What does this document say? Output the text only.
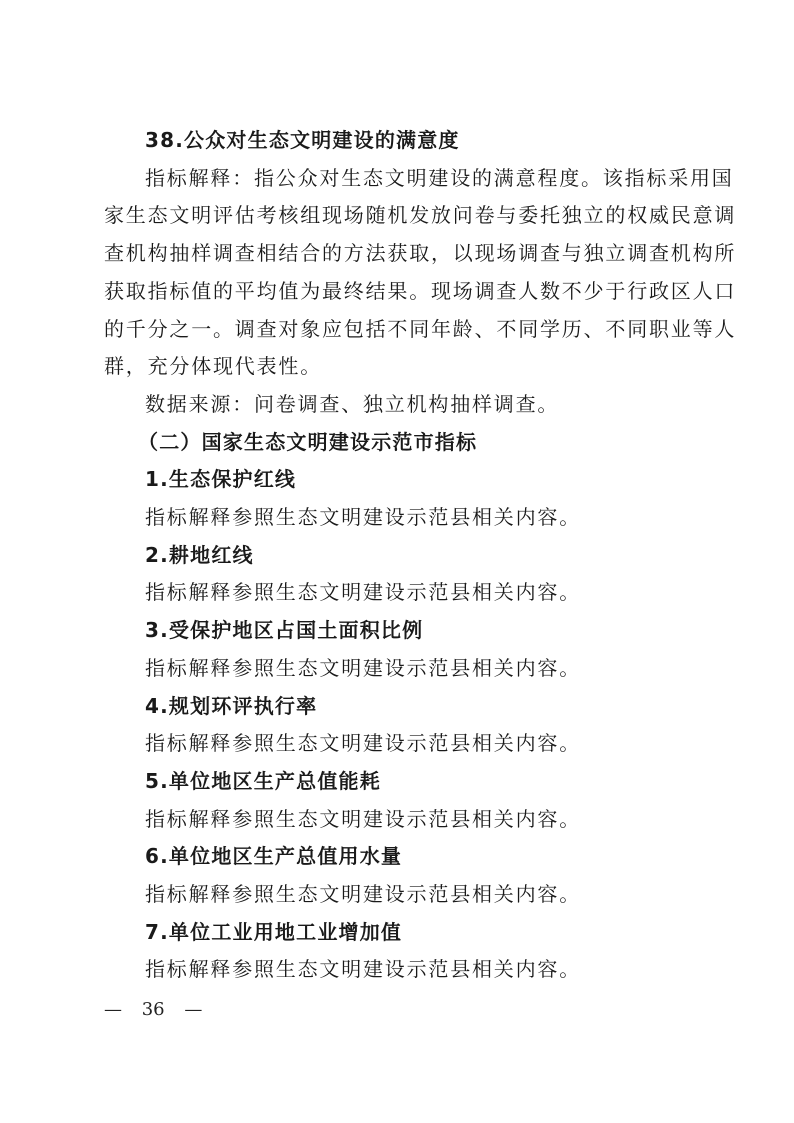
38.公众对生态文明建设的满意度

指标解释：指公众对生态文明建设的满意程度。该指标采用国
家生态文明评估考核组现场随机发放问卷与委托独立的权威民意调
查机构抽样调查相结合的方法获取，以现场调查与独立调查机构所
获取指标值的平均值为最终结果。现场调查人数不少于行政区人口
的千分之一。调查对象应包括不同年龄、不同学历、不同职业等人
群，充分体现代表性。

数据来源：问卷调查、独立机构抽样调查。

（二）国家生态文明建设示范市指标

1.生态保护红线

指标解释参照生态文明建设示范县相关内容。

2.耕地红线

指标解释参照生态文明建设示范县相关内容。

3.受保护地区占国土面积比例

指标解释参照生态文明建设示范县相关内容。

4.规划环评执行率

指标解释参照生态文明建设示范县相关内容。

5.单位地区生产总值能耗

指标解释参照生态文明建设示范县相关内容。

6.单位地区生产总值用水量

指标解释参照生态文明建设示范县相关内容。

7.单位工业用地工业增加值

指标解释参照生态文明建设示范县相关内容。

— 36 —
